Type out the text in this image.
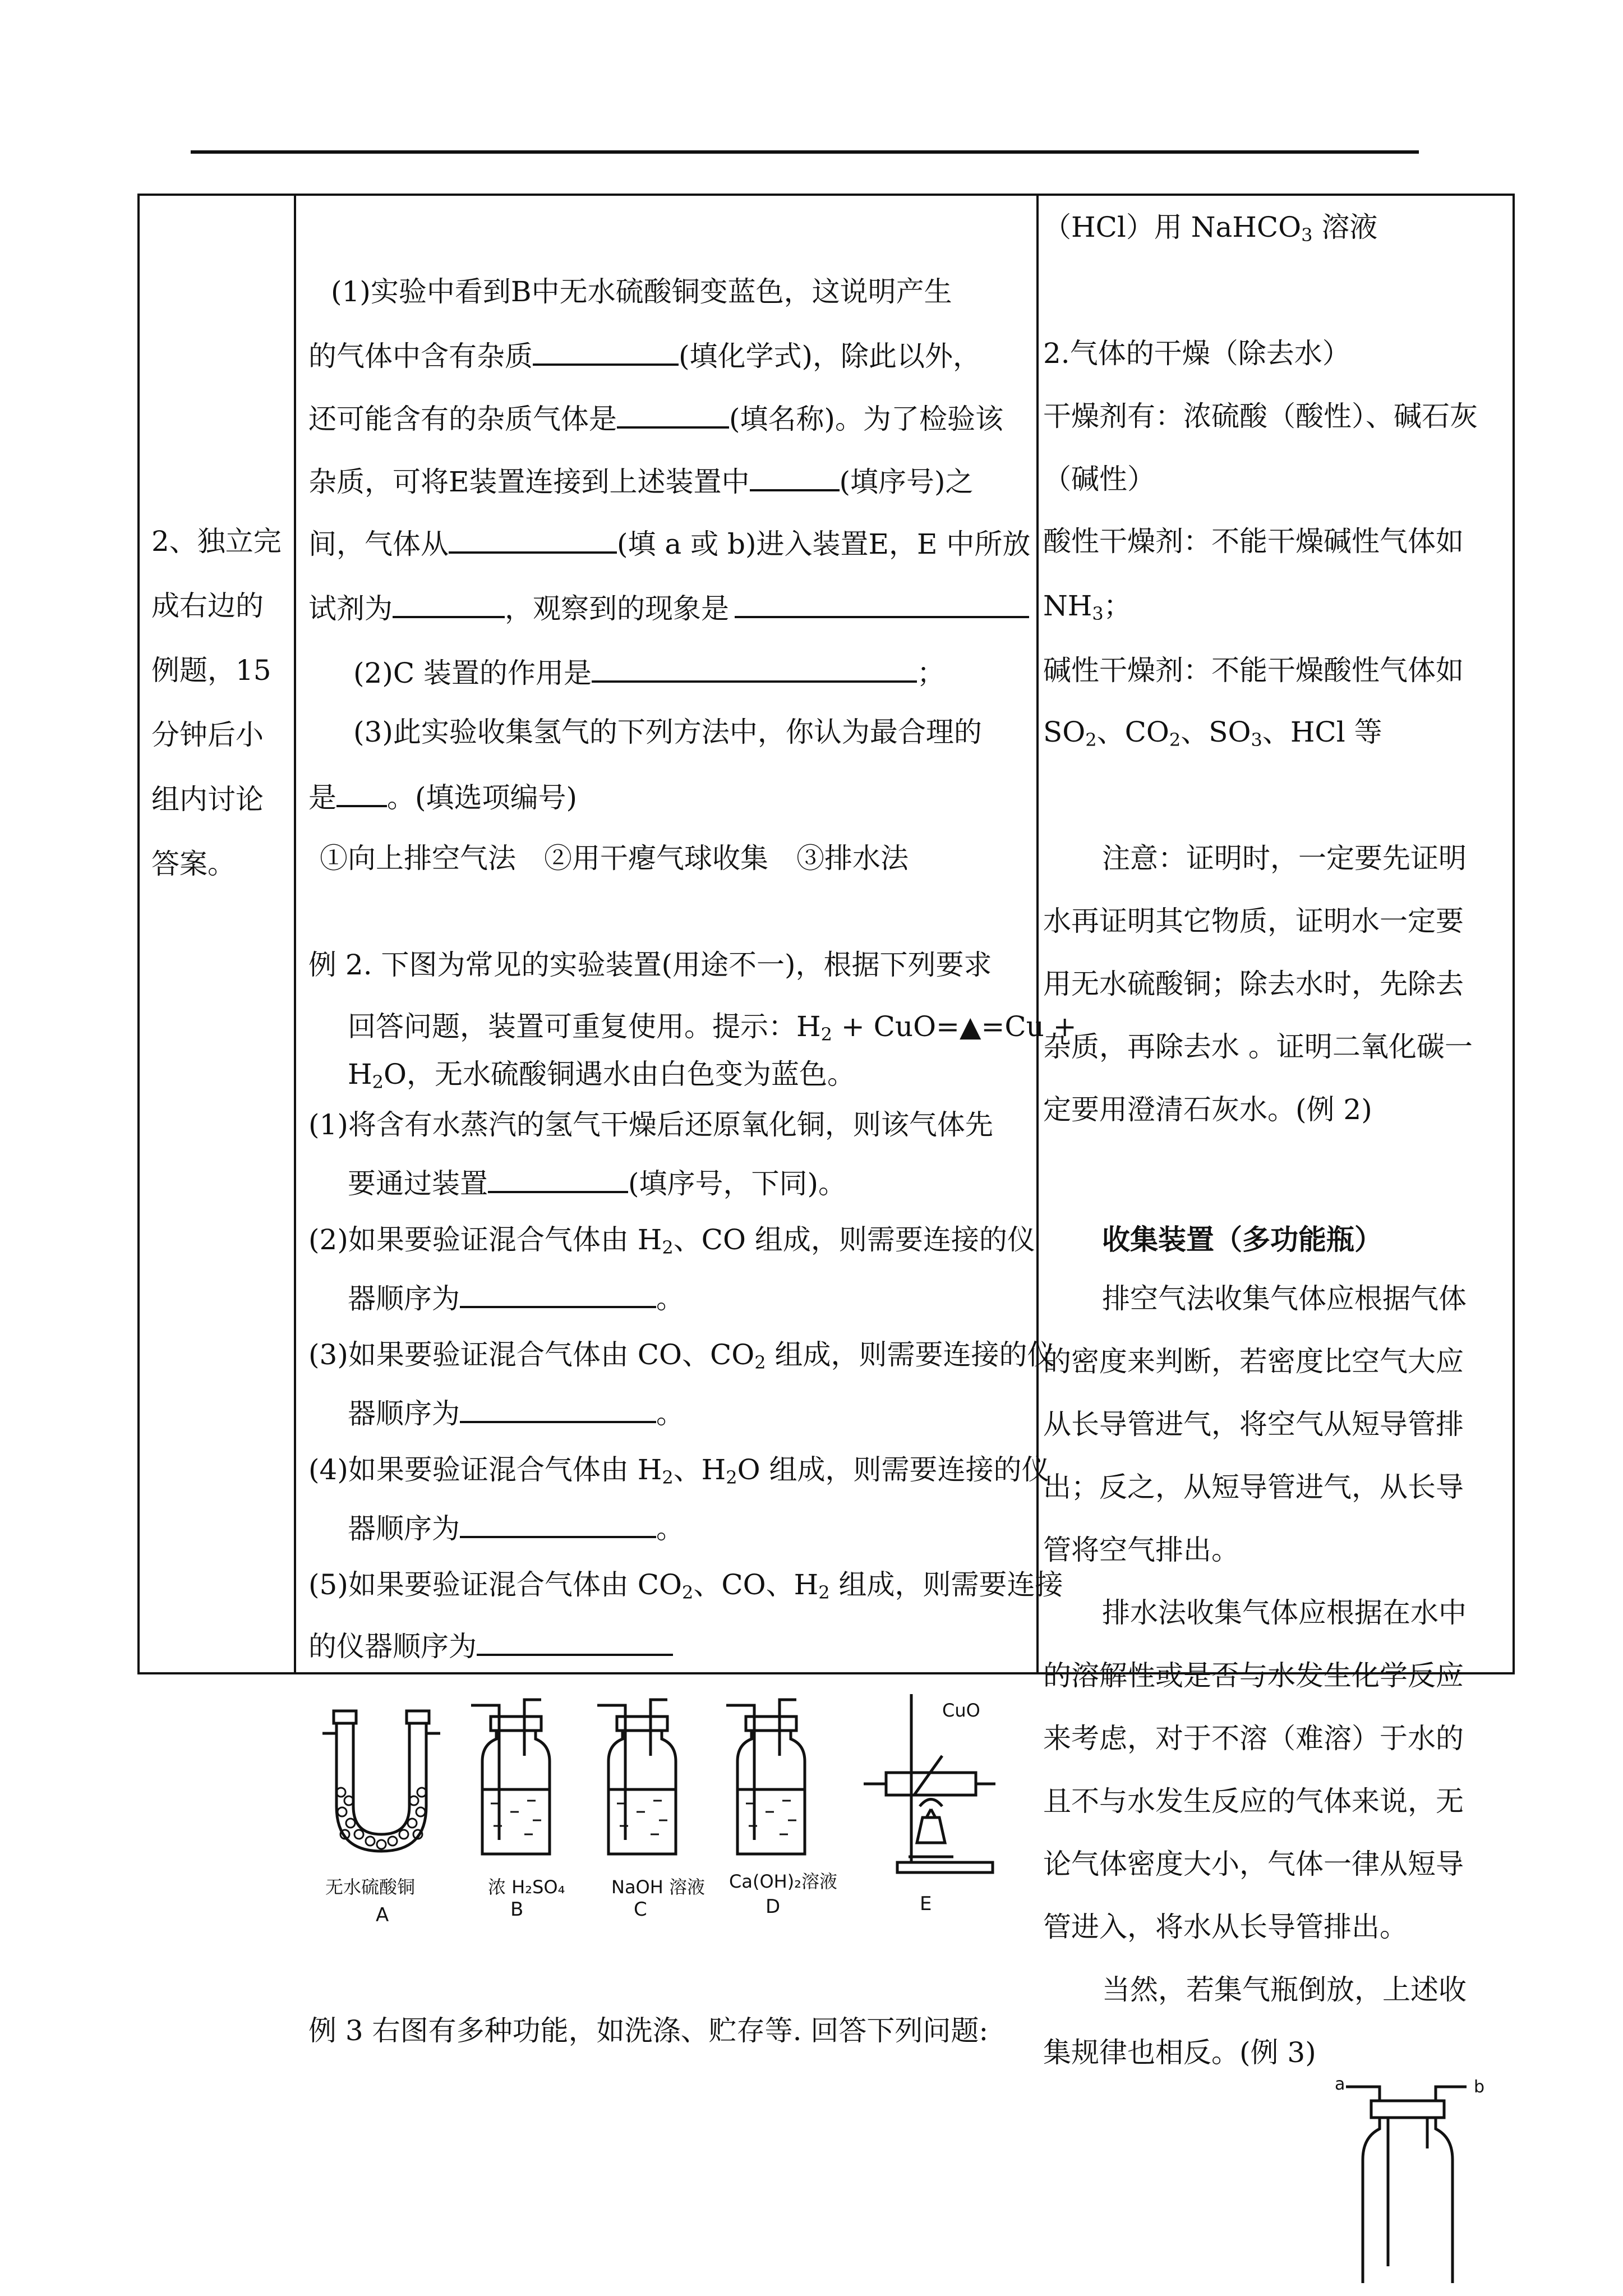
2、独立完
成右边的
例题，15
分钟后小
组内讨论
答案。
(1)实验中看到B中无水硫酸铜变蓝色，这说明产生
的气体中含有杂质	(填化学式)，除此以外，
还可能含有的杂质气体是	(填名称)。为了检验该
杂质，可将E装置连接到上述装置中	(填序号)之
间，气体从	(填 a 或 b)进入装置E，E 中所放
试剂为	，观察到的现象是
(2)C 装置的作用是	；
(3)此实验收集氢气的下列方法中，你认为最合理的
是 。(填选项编号)
①向上排空气法　②用干瘪气球收集　③排水法
例 2. 下图为常见的实验装置(用途不一)，根据下列要求
回答问题，装置可重复使用。提示：$H_2$ + CuO=▲=Cu +
$H_2O$，无水硫酸铜遇水由白色变为蓝色。
(1)将含有水蒸汽的氢气干燥后还原氧化铜，则该气体先
要通过装置	(填序号，下同)。
(2)如果要验证混合气体由 $H_2$、CO 组成，则需要连接的仪
器顺序为	。
(3)如果要验证混合气体由 CO、$CO_2$ 组成，则需要连接的仪
器顺序为	。
(4)如果要验证混合气体由 $H_2$、$H_2O$ 组成，则需要连接的仪
器顺序为	。
(5)如果要验证混合气体由 $CO_2$、CO、$H_2$ 组成，则需要连接
的仪器顺序为
CuO
无水硫酸铜	浓 H₂SO₄	NaOH 溶液 Ca(OH)₂溶液
A	B	C	D	E
例 3 右图有多种功能，如洗涤、贮存等. 回答下列问题:
（HCl）用 NaHCO$_3$ 溶液
2.气体的干燥（除去水）
干燥剂有：浓硫酸（酸性）、碱石灰
（碱性）
酸性干燥剂：不能干燥碱性气体如
$NH_3$；
碱性干燥剂：不能干燥酸性气体如
$SO_2$、$CO_2$、$SO_3$、HCl 等
注意：证明时，一定要先证明
水再证明其它物质，证明水一定要
用无水硫酸铜；除去水时，先除去
杂质，再除去水 。证明二氧化碳一
定要用澄清石灰水。(例 2)
收集装置（多功能瓶）
排空气法收集气体应根据气体
的密度来判断，若密度比空气大应
从长导管进气，将空气从短导管排
出；反之，从短导管进气，从长导
管将空气排出。
排水法收集气体应根据在水中
的溶解性或是否与水发生化学反应
来考虑，对于不溶（难溶）于水的
且不与水发生反应的气体来说，无
论气体密度大小，气体一律从短导
管进入，将水从长导管排出。
当然，若集气瓶倒放，上述收
集规律也相反。(例 3)
a	b
